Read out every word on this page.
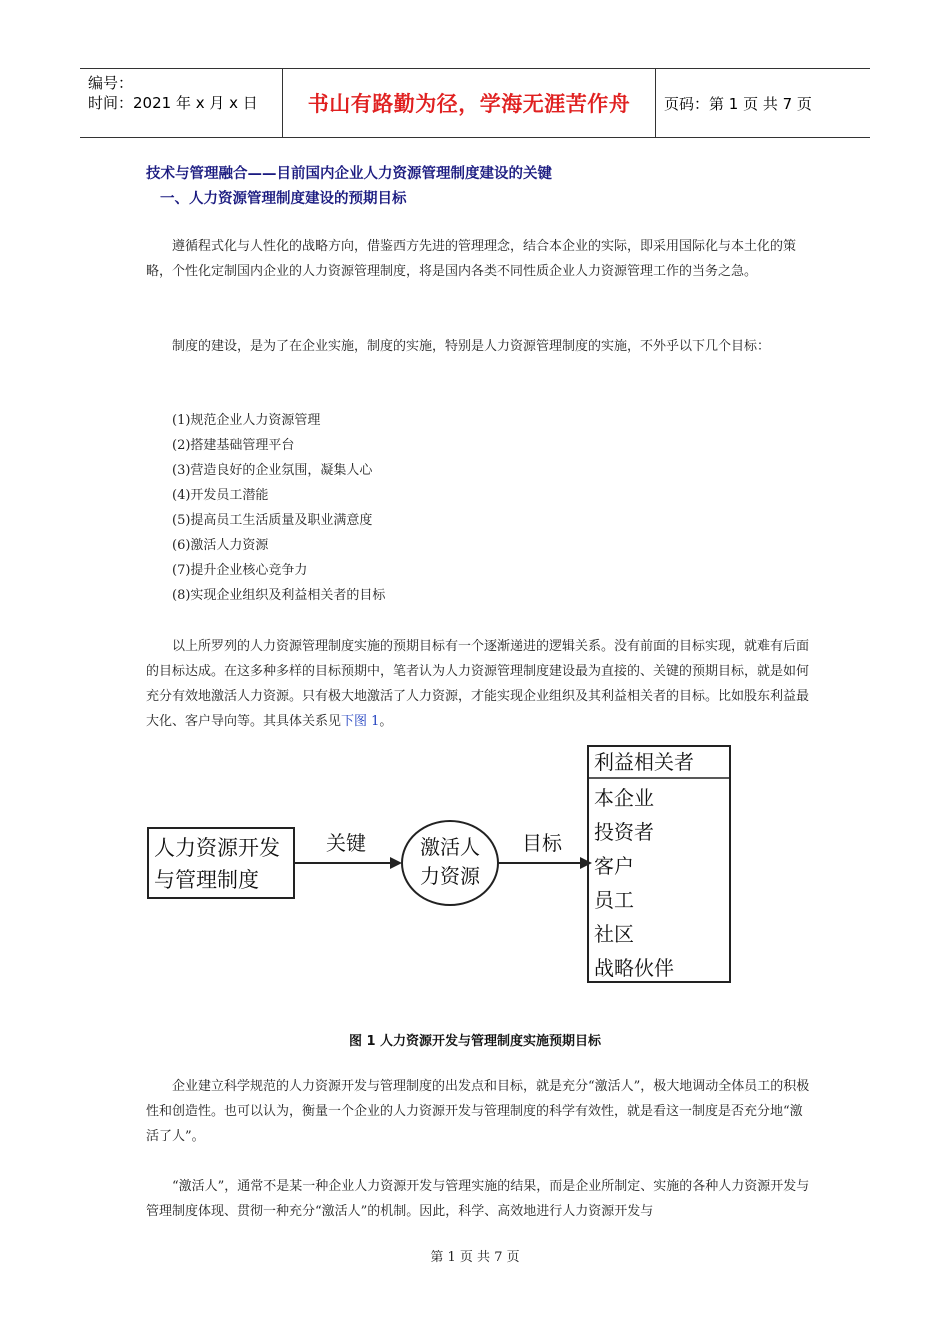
编号：
时间：2021 年 x 月 x 日	书山有路勤为径，学海无涯苦作舟	页码：第 1 页 共 7 页
技术与管理融合——目前国内企业人力资源管理制度建设的关键
一、人力资源管理制度建设的预期目标

遵循程式化与人性化的战略方向，借鉴西方先进的管理理念，结合本企业的实际，即采用国际化与本土化的策略，个性化定制国内企业的人力资源管理制度，将是国内各类不同性质企业人力资源管理工作的当务之急。

制度的建设，是为了在企业实施，制度的实施，特别是人力资源管理制度的实施，不外乎以下几个目标：

(1)规范企业人力资源管理
(2)搭建基础管理平台
(3)营造良好的企业氛围，凝集人心
(4)开发员工潜能
(5)提高员工生活质量及职业满意度
(6)激活人力资源
(7)提升企业核心竞争力
(8)实现企业组织及利益相关者的目标

以上所罗列的人力资源管理制度实施的预期目标有一个逐渐递进的逻辑关系。没有前面的目标实现，就难有后面的目标达成。在这多种多样的目标预期中，笔者认为人力资源管理制度建设最为直接的、关键的预期目标，就是如何充分有效地激活人力资源。只有极大地激活了人力资源，才能实现企业组织及其利益相关者的目标。比如股东利益最大化、客户导向等。其具体关系见下图 1。

人力资源开发
与管理制度
关键	激活人
力资源
目标
利益相关者
本企业
投资者
客户
员工
社区
战略伙伴
图 1 人力资源开发与管理制度实施预期目标

企业建立科学规范的人力资源开发与管理制度的出发点和目标，就是充分“激活人”，极大地调动全体员工的积极性和创造性。也可以认为，衡量一个企业的人力资源开发与管理制度的科学有效性，就是看这一制度是否充分地“激活了人”。

“激活人”，通常不是某一种企业人力资源开发与管理实施的结果，而是企业所制定、实施的各种人力资源开发与管理制度体现、贯彻一种充分“激活人”的机制。因此，科学、高效地进行人力资源开发与

第 1 页 共 7 页
